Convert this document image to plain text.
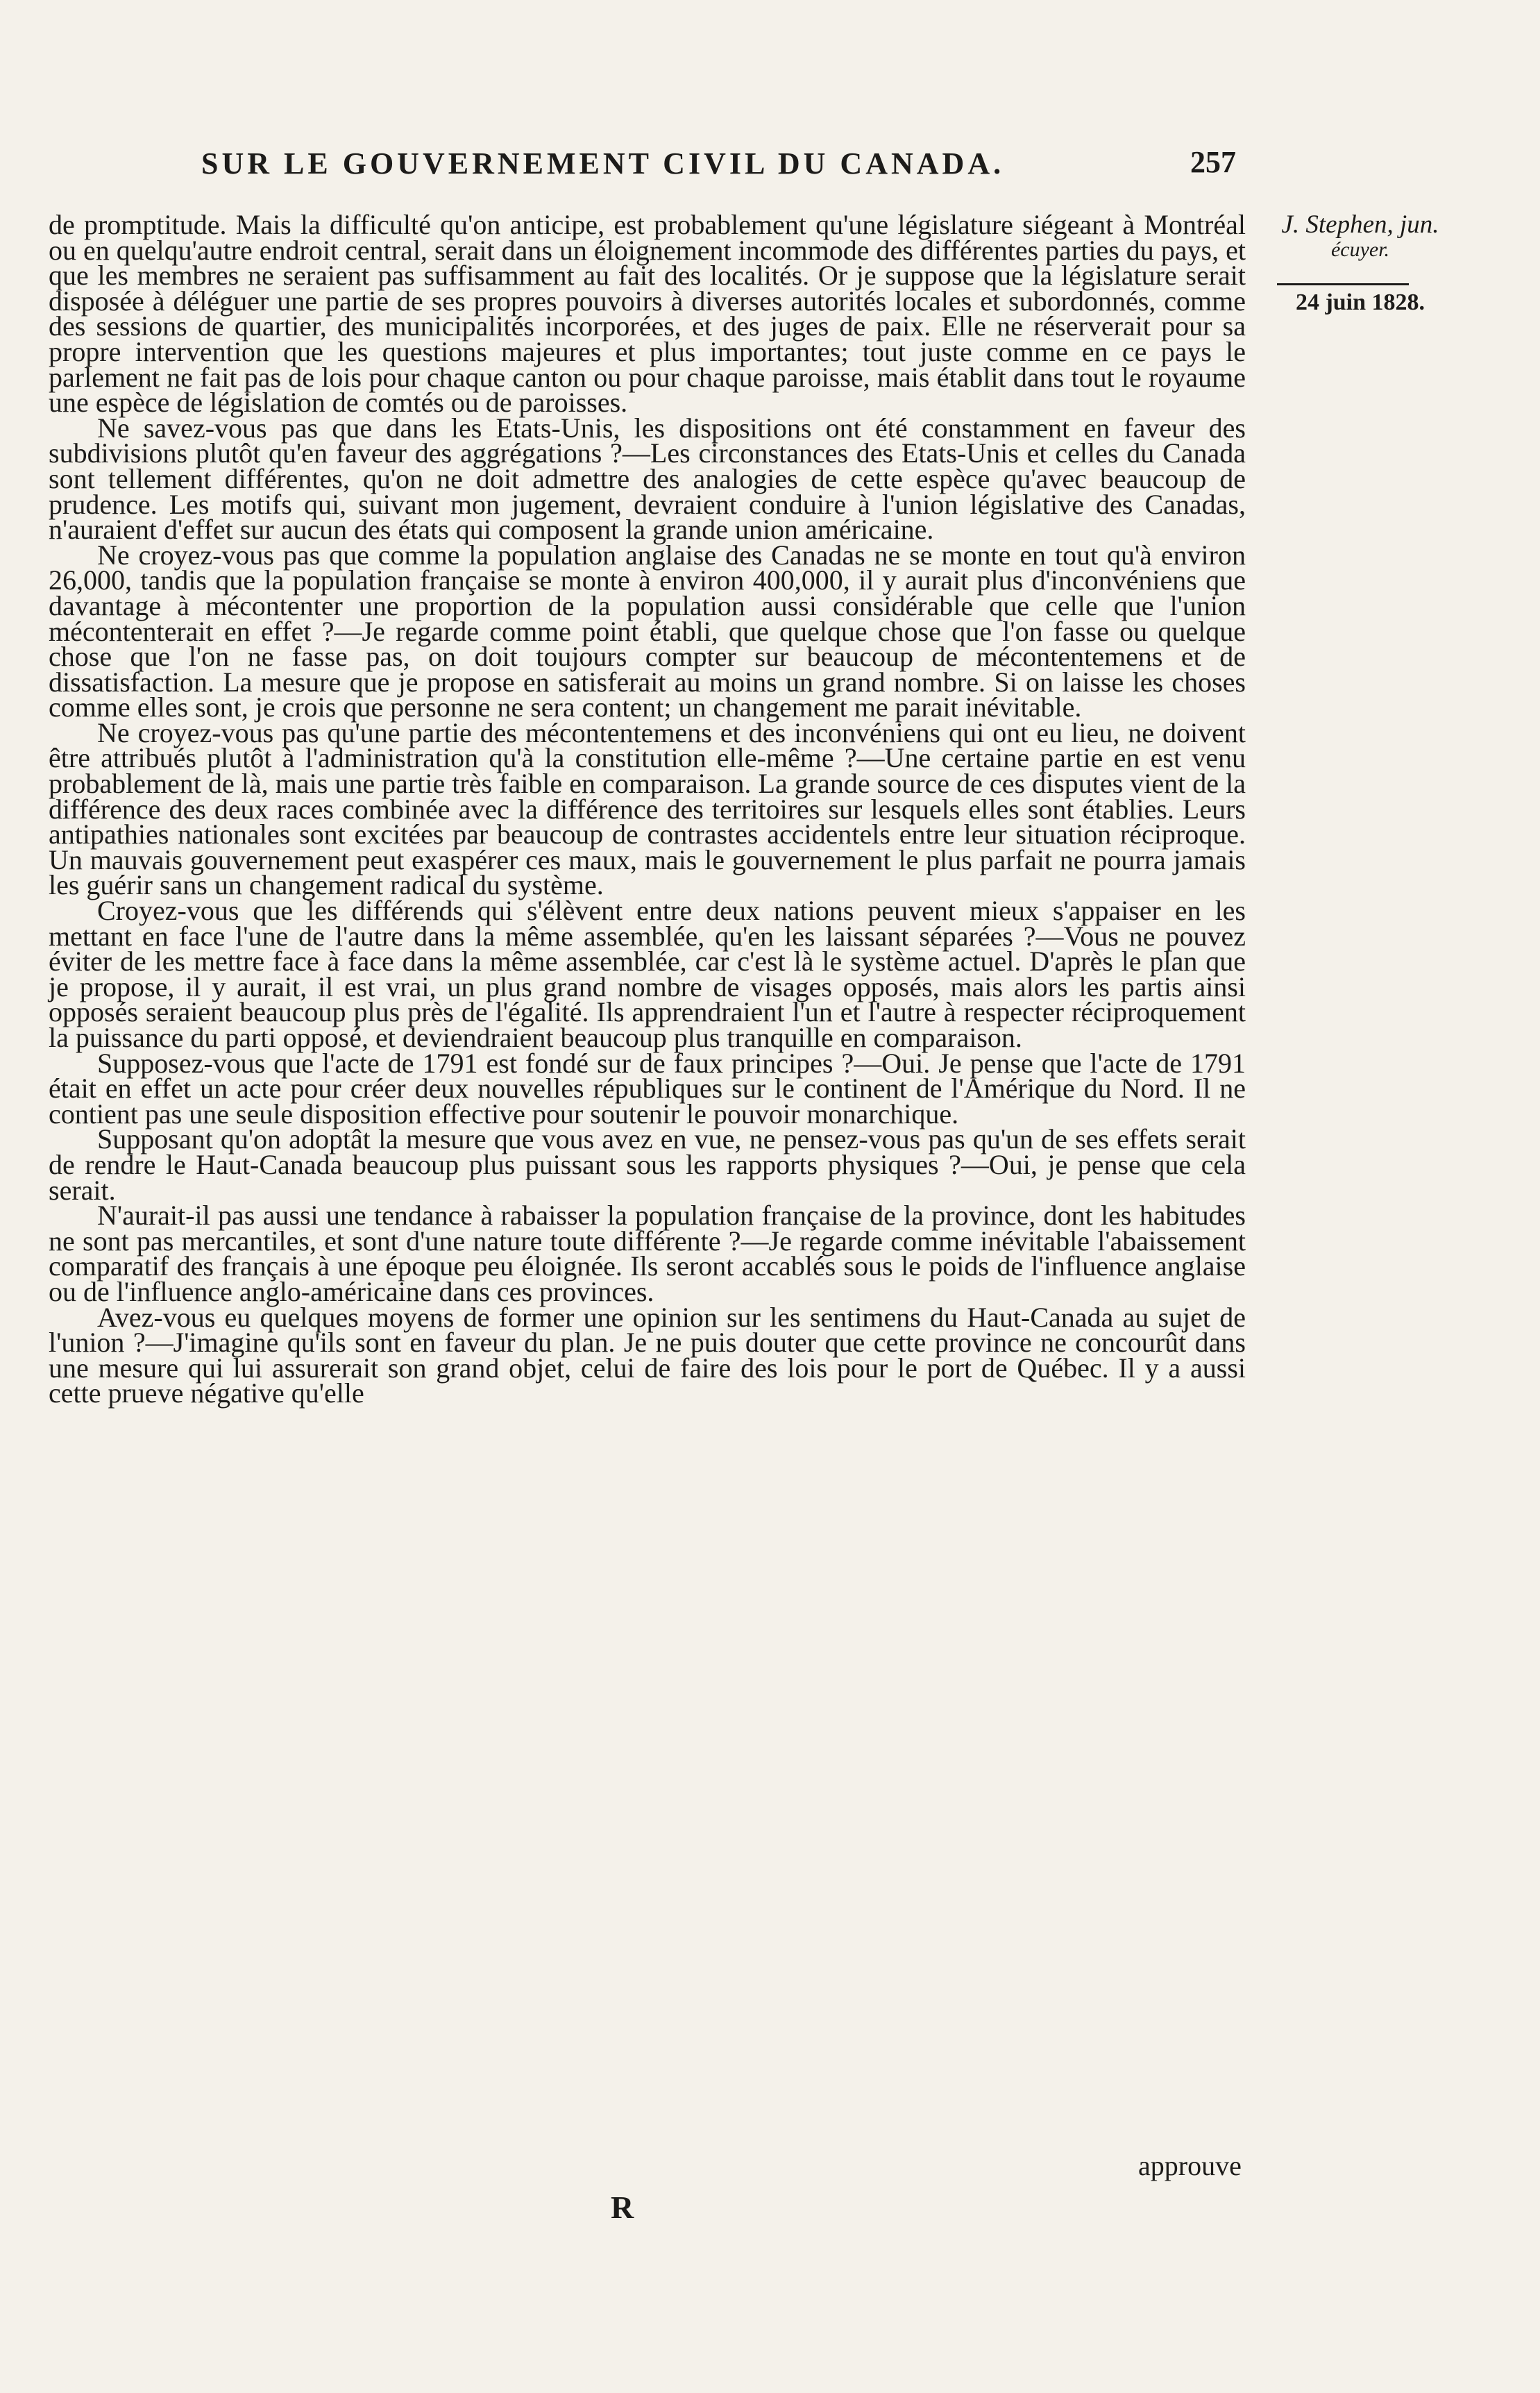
SUR LE GOUVERNEMENT CIVIL DU CANADA.	257
J. Stephen, jun.
écuyer.
24 juin 1828.

de promptitude. Mais la difficulté qu'on anticipe, est probablement qu'une législature siégeant à Montréal ou en quelqu'autre endroit central, serait dans un éloignement incommode des différentes parties du pays, et que les membres ne seraient pas suffisamment au fait des localités. Or je suppose que la législature serait disposée à déléguer une partie de ses propres pouvoirs à diverses autorités locales et subordonnés, comme des sessions de quartier, des municipalités incorporées, et des juges de paix. Elle ne réserverait pour sa propre intervention que les questions majeures et plus importantes; tout juste comme en ce pays le parlement ne fait pas de lois pour chaque canton ou pour chaque paroisse, mais établit dans tout le royaume une espèce de législation de comtés ou de paroisses.

Ne savez-vous pas que dans les Etats-Unis, les dispositions ont été constamment en faveur des subdivisions plutôt qu'en faveur des aggrégations ?—Les circonstances des Etats-Unis et celles du Canada sont tellement différentes, qu'on ne doit admettre des analogies de cette espèce qu'avec beaucoup de prudence. Les motifs qui, suivant mon jugement, devraient conduire à l'union législative des Canadas, n'auraient d'effet sur aucun des états qui composent la grande union américaine.

Ne croyez-vous pas que comme la population anglaise des Canadas ne se monte en tout qu'à environ 26,000, tandis que la population française se monte à environ 400,000, il y aurait plus d'inconvéniens que davantage à mécontenter une proportion de la population aussi considérable que celle que l'union mécontenterait en effet ?—Je regarde comme point établi, que quelque chose que l'on fasse ou quelque chose que l'on ne fasse pas, on doit toujours compter sur beaucoup de mécontentemens et de dissatisfaction. La mesure que je propose en satisferait au moins un grand nombre. Si on laisse les choses comme elles sont, je crois que personne ne sera content; un changement me parait inévitable.

Ne croyez-vous pas qu'une partie des mécontentemens et des inconvéniens qui ont eu lieu, ne doivent être attribués plutôt à l'administration qu'à la constitution elle-même ?—Une certaine partie en est venu probablement de là, mais une partie très faible en comparaison. La grande source de ces disputes vient de la différence des deux races combinée avec la différence des territoires sur lesquels elles sont établies. Leurs antipathies nationales sont excitées par beaucoup de contrastes accidentels entre leur situation réciproque. Un mauvais gouvernement peut exaspérer ces maux, mais le gouvernement le plus parfait ne pourra jamais les guérir sans un changement radical du système.

Croyez-vous que les différends qui s'élèvent entre deux nations peuvent mieux s'appaiser en les mettant en face l'une de l'autre dans la même assemblée, qu'en les laissant séparées ?—Vous ne pouvez éviter de les mettre face à face dans la même assemblée, car c'est là le système actuel. D'après le plan que je propose, il y aurait, il est vrai, un plus grand nombre de visages opposés, mais alors les partis ainsi opposés seraient beaucoup plus près de l'égalité. Ils apprendraient l'un et l'autre à respecter réciproquement la puissance du parti opposé, et deviendraient beaucoup plus tranquille en comparaison.

Supposez-vous que l'acte de 1791 est fondé sur de faux principes ?—Oui. Je pense que l'acte de 1791 était en effet un acte pour créer deux nouvelles républiques sur le continent de l'Amérique du Nord. Il ne contient pas une seule disposition effective pour soutenir le pouvoir monarchique.

Supposant qu'on adoptât la mesure que vous avez en vue, ne pensez-vous pas qu'un de ses effets serait de rendre le Haut-Canada beaucoup plus puissant sous les rapports physiques ?—Oui, je pense que cela serait.

N'aurait-il pas aussi une tendance à rabaisser la population française de la province, dont les habitudes ne sont pas mercantiles, et sont d'une nature toute différente ?—Je regarde comme inévitable l'abaissement comparatif des français à une époque peu éloignée. Ils seront accablés sous le poids de l'influence anglaise ou de l'influence anglo-américaine dans ces provinces.

Avez-vous eu quelques moyens de former une opinion sur les sentimens du Haut-Canada au sujet de l'union ?—J'imagine qu'ils sont en faveur du plan. Je ne puis douter que cette province ne concourût dans une mesure qui lui assurerait son grand objet, celui de faire des lois pour le port de Québec. Il y a aussi cette prueve négative qu'elle

approuve
R
